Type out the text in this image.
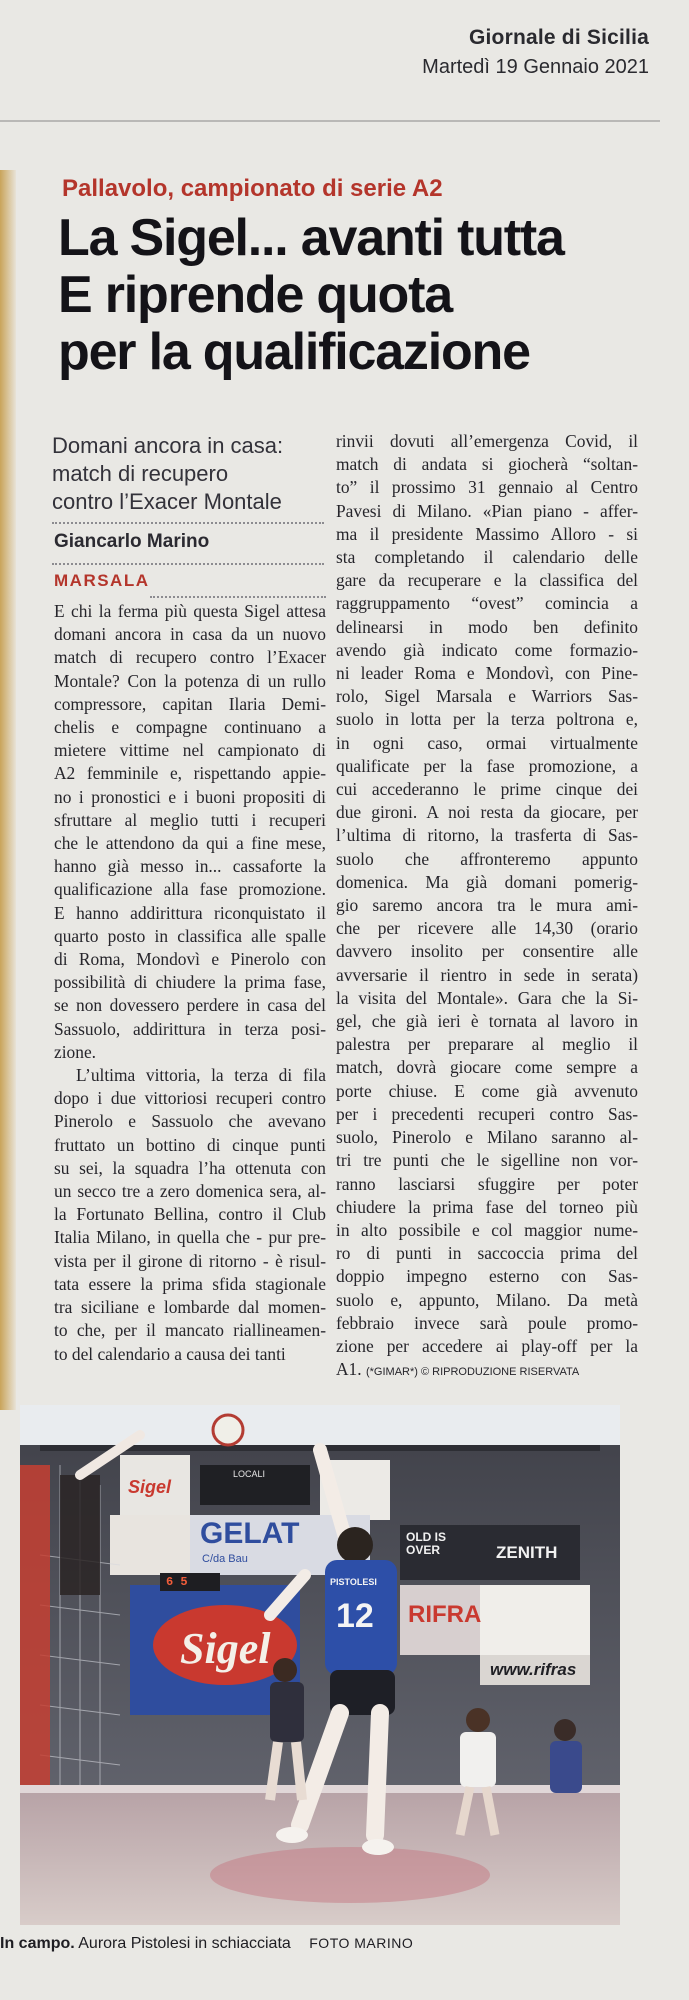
Giornale di Sicilia
Martedì 19 Gennaio 2021
Pallavolo, campionato di serie A2
La Sigel... avanti tutta
E riprende quota
per la qualificazione
Domani ancora in casa:
match di recupero
contro l’Exacer Montale
Giancarlo Marino
MARSALA
E chi la ferma più questa Sigel attesa
domani ancora in casa da un nuovo
match di recupero contro l’Exacer
Montale? Con la potenza di un rullo
compressore, capitan Ilaria Demi-
chelis e compagne continuano a
mietere vittime nel campionato di
A2 femminile e, rispettando appie-
no i pronostici e i buoni propositi di
sfruttare al meglio tutti i recuperi
che le attendono da qui a fine mese,
hanno già messo in... cassaforte la
qualificazione alla fase promozione.
E hanno addirittura riconquistato il
quarto posto in classifica alle spalle
di Roma, Mondovì e Pinerolo con
possibilità di chiudere la prima fase,
se non dovessero perdere in casa del
Sassuolo, addirittura in terza posi-
zione.
L’ultima vittoria, la terza di fila
dopo i due vittoriosi recuperi contro
Pinerolo e Sassuolo che avevano
fruttato un bottino di cinque punti
su sei, la squadra l’ha ottenuta con
un secco tre a zero domenica sera, al-
la Fortunato Bellina, contro il Club
Italia Milano, in quella che - pur pre-
vista per il girone di ritorno - è risul-
tata essere la prima sfida stagionale
tra siciliane e lombarde dal momen-
to che, per il mancato riallineamen-
to del calendario a causa dei tanti
rinvii dovuti all’emergenza Covid, il
match di andata si giocherà “soltan-
to” il prossimo 31 gennaio al Centro
Pavesi di Milano. «Pian piano - affer-
ma il presidente Massimo Alloro - si
sta completando il calendario delle
gare da recuperare e la classifica del
raggruppamento “ovest” comincia a
delinearsi in modo ben definito
avendo già indicato come formazio-
ni leader Roma e Mondovì, con Pine-
rolo, Sigel Marsala e Warriors Sas-
suolo in lotta per la terza poltrona e,
in ogni caso, ormai virtualmente
qualificate per la fase promozione, a
cui accederanno le prime cinque dei
due gironi. A noi resta da giocare, per
l’ultima di ritorno, la trasferta di Sas-
suolo che affronteremo appunto
domenica. Ma già domani pomerig-
gio saremo ancora tra le mura ami-
che per ricevere alle 14,30 (orario
davvero insolito per consentire alle
avversarie il rientro in sede in serata)
la visita del Montale». Gara che la Si-
gel, che già ieri è tornata al lavoro in
palestra per preparare al meglio il
match, dovrà giocare come sempre a
porte chiuse. E come già avvenuto
per i precedenti recuperi contro Sas-
suolo, Pinerolo e Milano saranno al-
tri tre punti che le sigelline non vor-
ranno lasciarsi sfuggire per poter
chiudere la prima fase del torneo più
in alto possibile e col maggior nume-
ro di punti in saccoccia prima del
doppio impegno esterno con Sas-
suolo e, appunto, Milano. Da metà
febbraio invece sarà poule promo-
zione per accedere ai play-off per la
A1. (*GIMAR*) © RIPRODUZIONE RISERVATA
Sigel
LOCALI
GELAT
C/da Bau
6 5
Sigel
OLD IS OVER	ZENITH
RIFRA
www.rifras
12
PISTOLESI
In campo. Aurora Pistolesi in schiacciata FOTO MARINO
